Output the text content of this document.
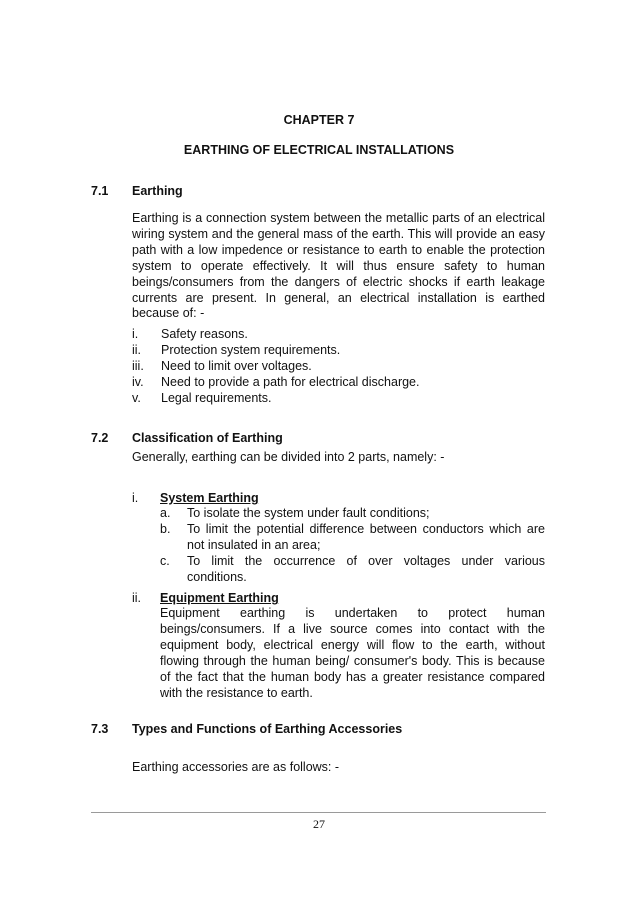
CHAPTER 7
EARTHING OF ELECTRICAL INSTALLATIONS
7.1 Earthing

Earthing is a connection system between the metallic parts of an electrical wiring system and the general mass of the earth. This will provide an easy path with a low impedence or resistance to earth to enable the protection system to operate effectively. It will thus ensure safety to human beings/consumers from the dangers of electric shocks if earth leakage currents are present. In general, an electrical installation is earthed because of: -

i. Safety reasons.
ii. Protection system requirements.
iii. Need to limit over voltages.
iv. Need to provide a path for electrical discharge.
v. Legal requirements.
7.2 Classification of Earthing
Generally, earthing can be divided into 2 parts, namely: -
i. System Earthing
a. To isolate the system under fault conditions;
b. To limit the potential difference between conductors which are not insulated in an area;
c. To limit the occurrence of over voltages under various conditions.
ii. Equipment Earthing

Equipment earthing is undertaken to protect human beings/consumers. If a live source comes into contact with the equipment body, electrical energy will flow to the earth, without flowing through the human being/ consumer's body. This is because of the fact that the human body has a greater resistance compared with the resistance to earth.

7.3 Types and Functions of Earthing Accessories
Earthing accessories are as follows: -
27
